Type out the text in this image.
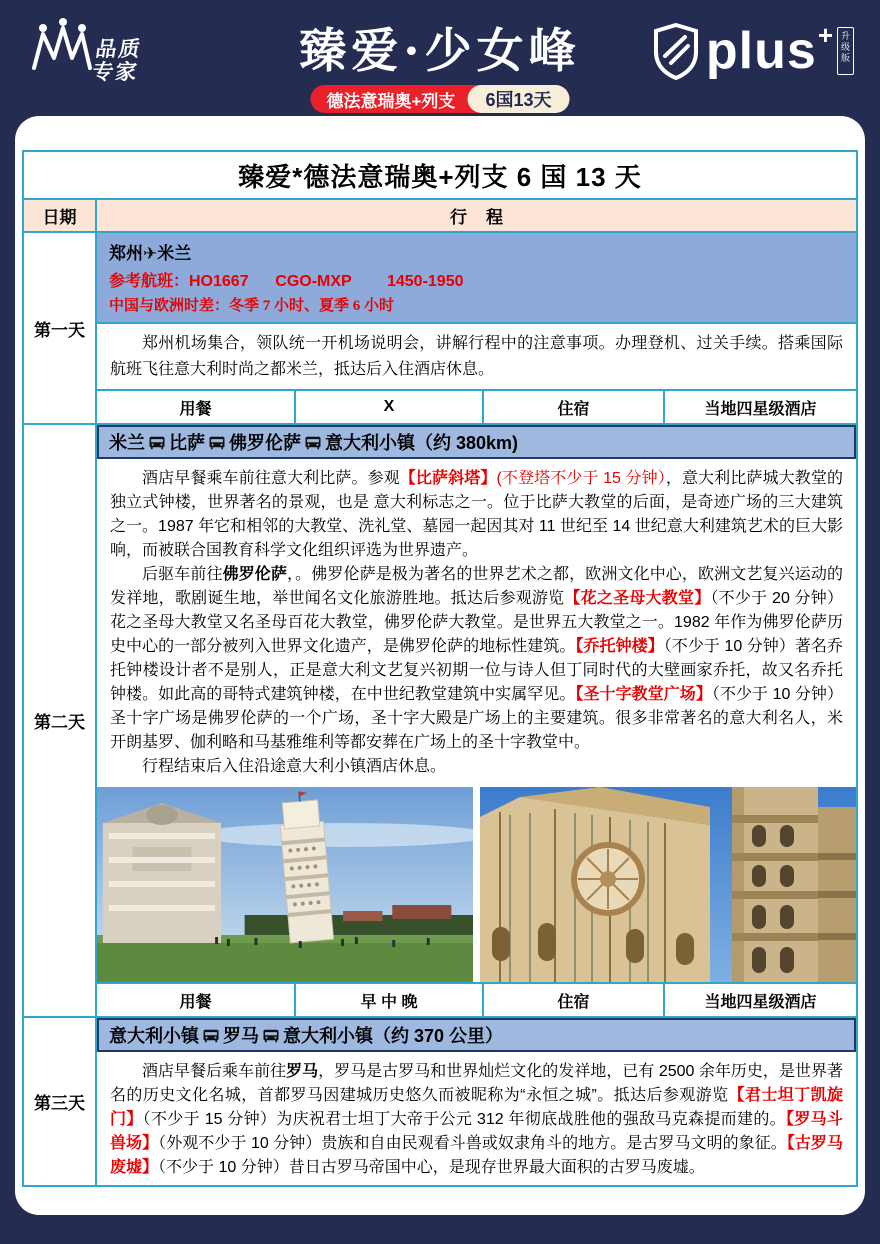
品质
专家	臻爱·少女峰	plus + 升级版
德法意瑞奥+列支	6国13天
臻爱*德法意瑞奥+列支 6 国 13 天
日期	行    程
第一天
郑州✈米兰
参考航班：HO1667      CGO-MXP        1450-1950
中国与欧洲时差：冬季 7 小时、夏季 6 小时
郑州机场集合，领队统一开机场说明会，讲解行程中的注意事项。办理登机、过关手续。搭乘国际航班飞往意大利时尚之都米兰，抵达后入住酒店休息。
用餐	X	住宿	当地四星级酒店
第二天
米兰 比萨 佛罗伦萨 意大利小镇（约 380km)

酒店早餐乘车前往意大利比萨。参观【比萨斜塔】(不登塔不少于 15 分钟），意大利比萨城大教堂的独立式钟楼，世界著名的景观，也是 意大利标志之一。位于比萨大教堂的后面，是奇迹广场的三大建筑之一。1987 年它和相邻的大教堂、洗礼堂、墓园一起因其对 11 世纪至 14 世纪意大利建筑艺术的巨大影响，而被联合国教育科学文化组织评选为世界遗产。

后驱车前往佛罗伦萨，。佛罗伦萨是极为著名的世界艺术之都，欧洲文化中心，欧洲文艺复兴运动的发祥地，歌剧诞生地，举世闻名文化旅游胜地。抵达后参观游览【花之圣母大教堂】（不少于 20 分钟）花之圣母大教堂又名圣母百花大教堂，佛罗伦萨大教堂。是世界五大教堂之一。1982 年作为佛罗伦萨历史中心的一部分被列入世界文化遗产，是佛罗伦萨的地标性建筑。【乔托钟楼】（不少于 10 分钟）著名乔托钟楼设计者不是别人，正是意大利文艺复兴初期一位与诗人但丁同时代的大壁画家乔托，故又名乔托钟楼。如此高的哥特式建筑钟楼，在中世纪教堂建筑中实属罕见。【圣十字教堂广场】（不少于 10 分钟）圣十字广场是佛罗伦萨的一个广场，圣十字大殿是广场上的主要建筑。很多非常著名的意大利名人，米开朗基罗、伽利略和马基雅维利等都安葬在广场上的圣十字教堂中。

行程结束后入住沿途意大利小镇酒店休息。

用餐	早 中 晚	住宿	当地四星级酒店
第三天
意大利小镇 罗马 意大利小镇（约 370 公里）

酒店早餐后乘车前往罗马，罗马是古罗马和世界灿烂文化的发祥地，已有 2500 余年历史，是世界著名的历史文化名城，首都罗马因建城历史悠久而被昵称为“永恒之城”。抵达后参观游览【君士坦丁凯旋门】（不少于 15 分钟）为庆祝君士坦丁大帝于公元 312 年彻底战胜他的强敌马克森提而建的。【罗马斗兽场】（外观不少于 10 分钟）贵族和自由民观看斗兽或奴隶角斗的地方。是古罗马文明的象征。【古罗马废墟】（不少于 10 分钟）昔日古罗马帝国中心，是现存世界最大面积的古罗马废墟。
